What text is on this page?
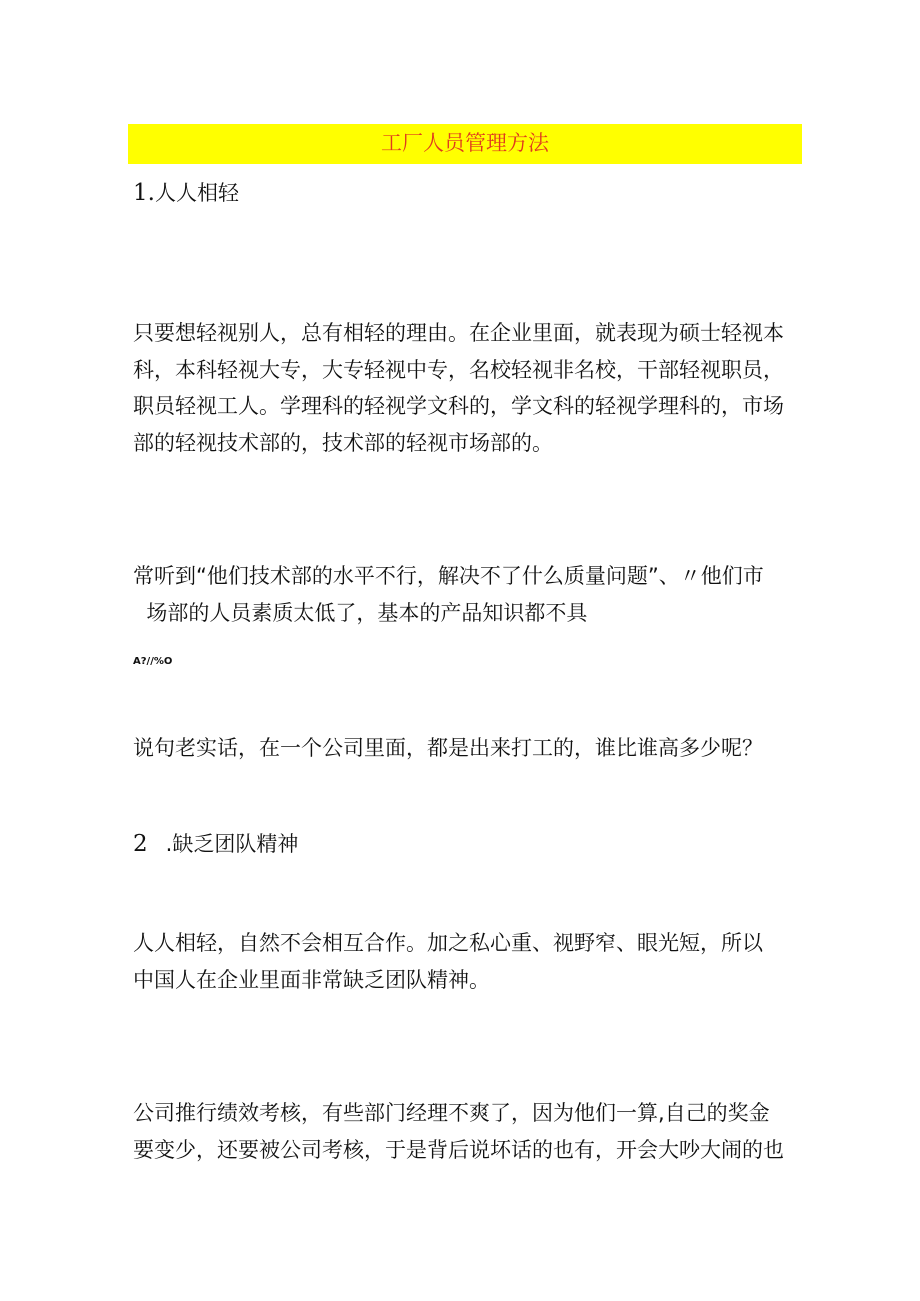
工厂人员管理方法
1.人人相轻
只要想轻视别人，总有相轻的理由。在企业里面，就表现为硕士轻视本
科，本科轻视大专，大专轻视中专，名校轻视非名校，干部轻视职员，
职员轻视工人。学理科的轻视学文科的，学文科的轻视学理科的，市场
部的轻视技术部的，技术部的轻视市场部的。
常听到“他们技术部的水平不行，解决不了什么质量问题”、〃他们市
场部的人员素质太低了，基本的产品知识都不具
A?//%O
说句老实话，在一个公司里面，都是出来打工的，谁比谁高多少呢？
2 .缺乏团队精神
人人相轻，自然不会相互合作。加之私心重、视野窄、眼光短，所以
中国人在企业里面非常缺乏团队精神。
公司推行绩效考核，有些部门经理不爽了，因为他们一算,自己的奖金
要变少，还要被公司考核，于是背后说坏话的也有，开会大吵大闹的也
